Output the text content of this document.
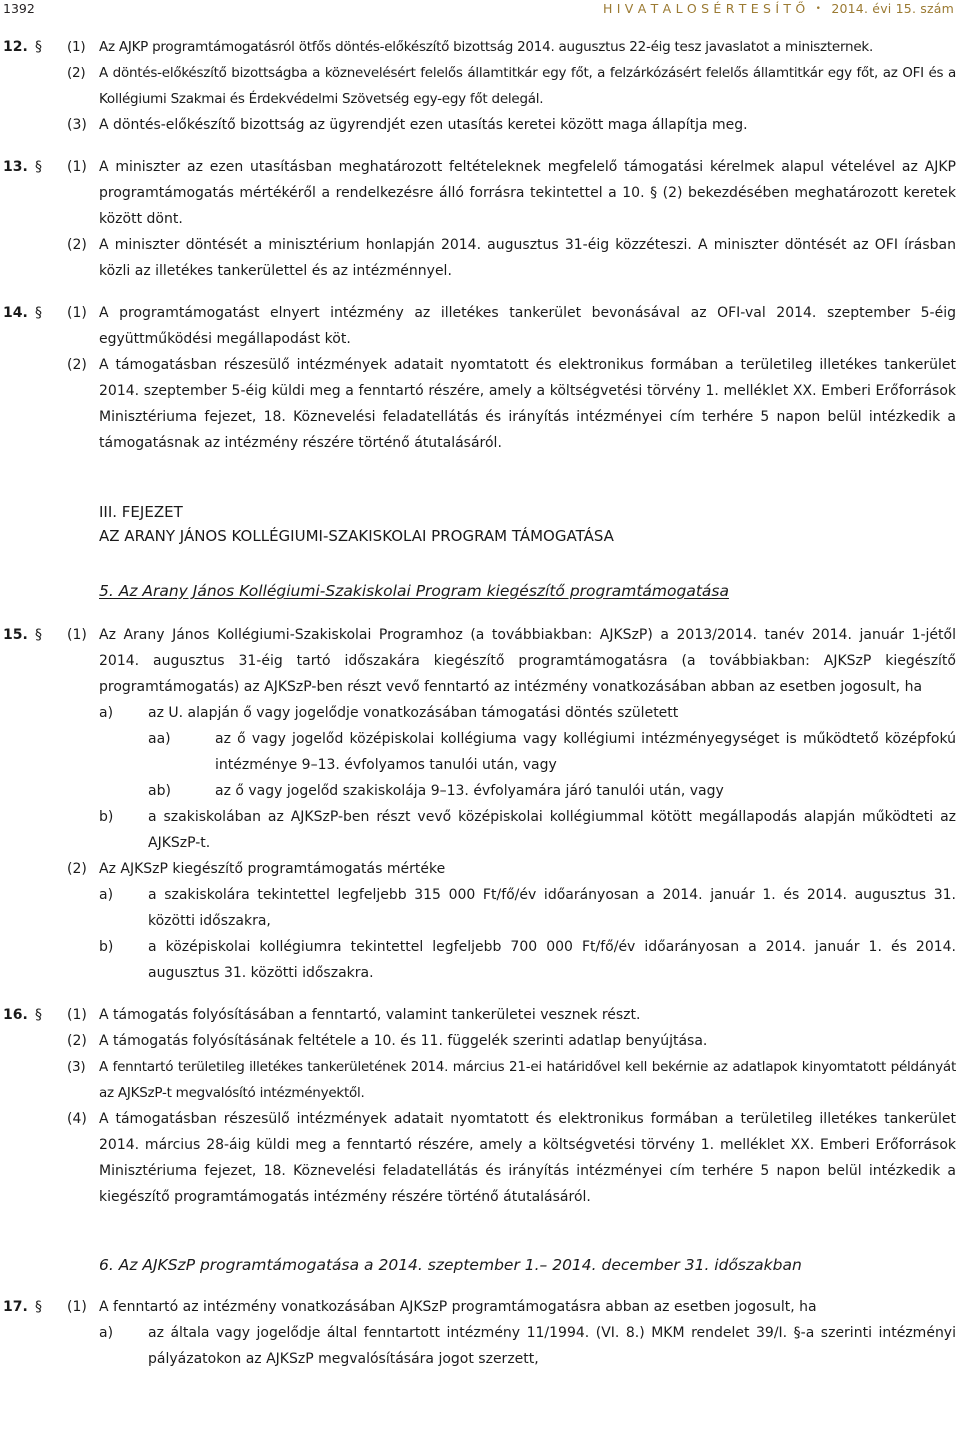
1392	H I V A T A L O S É R T E S Í T Ő • 2014. évi 15. szám
12. § (1) Az AJKP programtámogatásról ötfős döntés-előkészítő bizottság 2014. augusztus 22-éig tesz javaslatot a miniszternek.
(2) A döntés-előkészítő bizottságba a köznevelésért felelős államtitkár egy főt, a felzárkózásért felelős államtitkár egy főt, az OFI és a Kollégiumi Szakmai és Érdekvédelmi Szövetség egy-egy főt delegál.
(3) A döntés-előkészítő bizottság az ügyrendjét ezen utasítás keretei között maga állapítja meg.
13. § (1) A miniszter az ezen utasításban meghatározott feltételeknek megfelelő támogatási kérelmek alapul vételével az AJKP programtámogatás mértékéről a rendelkezésre álló forrásra tekintettel a 10. § (2) bekezdésében meghatározott keretek között dönt.
(2) A miniszter döntését a minisztérium honlapján 2014. augusztus 31-éig közzéteszi. A miniszter döntését az OFI írásban közli az illetékes tankerülettel és az intézménnyel.
14. § (1) A programtámogatást elnyert intézmény az illetékes tankerület bevonásával az OFI-val 2014. szeptember 5-éig együttműködési megállapodást köt.
(2) A támogatásban részesülő intézmények adatait nyomtatott és elektronikus formában a területileg illetékes tankerület 2014. szeptember 5-éig küldi meg a fenntartó részére, amely a költségvetési törvény 1. melléklet XX. Emberi Erőforrások Minisztériuma fejezet, 18. Köznevelési feladatellátás és irányítás intézményei cím terhére 5 napon belül intézkedik a támogatásnak az intézmény részére történő átutalásáról.
III. FEJEZET
AZ ARANY JÁNOS KOLLÉGIUMI-SZAKISKOLAI PROGRAM TÁMOGATÁSA
5. Az Arany János Kollégiumi-Szakiskolai Program kiegészítő programtámogatása
15. § (1) Az Arany János Kollégiumi-Szakiskolai Programhoz (a továbbiakban: AJKSzP) a 2013/2014. tanév 2014. január 1-jétől 2014. augusztus 31-éig tartó időszakára kiegészítő programtámogatásra (a továbbiakban: AJKSzP kiegészítő programtámogatás) az AJKSzP-ben részt vevő fenntartó az intézmény vonatkozásában abban az esetben jogosult, ha
a) az U. alapján ő vagy jogelődje vonatkozásában támogatási döntés született
aa)	az ő vagy jogelőd középiskolai kollégiuma vagy kollégiumi intézményegységet is működtető középfokú intézménye 9–13. évfolyamos tanulói után, vagy
ab)	az ő vagy jogelőd szakiskolája 9–13. évfolyamára járó tanulói után, vagy
b) a szakiskolában az AJKSzP-ben részt vevő középiskolai kollégiummal kötött megállapodás alapján működteti az AJKSzP-t.
(2) Az AJKSzP kiegészítő programtámogatás mértéke
a) a szakiskolára tekintettel legfeljebb 315 000 Ft/fő/év időarányosan a 2014. január 1. és 2014. augusztus 31. közötti időszakra,
b) a középiskolai kollégiumra tekintettel legfeljebb 700 000 Ft/fő/év időarányosan a 2014. január 1. és 2014. augusztus 31. közötti időszakra.
16. § (1) A támogatás folyósításában a fenntartó, valamint tankerületei vesznek részt.
(2) A támogatás folyósításának feltétele a 10. és 11. függelék szerinti adatlap benyújtása.
(3) A fenntartó területileg illetékes tankerületének 2014. március 21-ei határidővel kell bekérnie az adatlapok kinyomtatott példányát az AJKSzP-t megvalósító intézményektől.
(4) A támogatásban részesülő intézmények adatait nyomtatott és elektronikus formában a területileg illetékes tankerület 2014. március 28-áig küldi meg a fenntartó részére, amely a költségvetési törvény 1. melléklet XX. Emberi Erőforrások Minisztériuma fejezet, 18. Köznevelési feladatellátás és irányítás intézményei cím terhére 5 napon belül intézkedik a kiegészítő programtámogatás intézmény részére történő átutalásáról.
6. Az AJKSzP programtámogatása a 2014. szeptember 1.– 2014. december 31. időszakban
17. § (1) A fenntartó az intézmény vonatkozásában AJKSzP programtámogatásra abban az esetben jogosult, ha
a) az általa vagy jogelődje által fenntartott intézmény 11/1994. (VI. 8.) MKM rendelet 39/I. §-a szerinti intézményi pályázatokon az AJKSzP megvalósítására jogot szerzett,
